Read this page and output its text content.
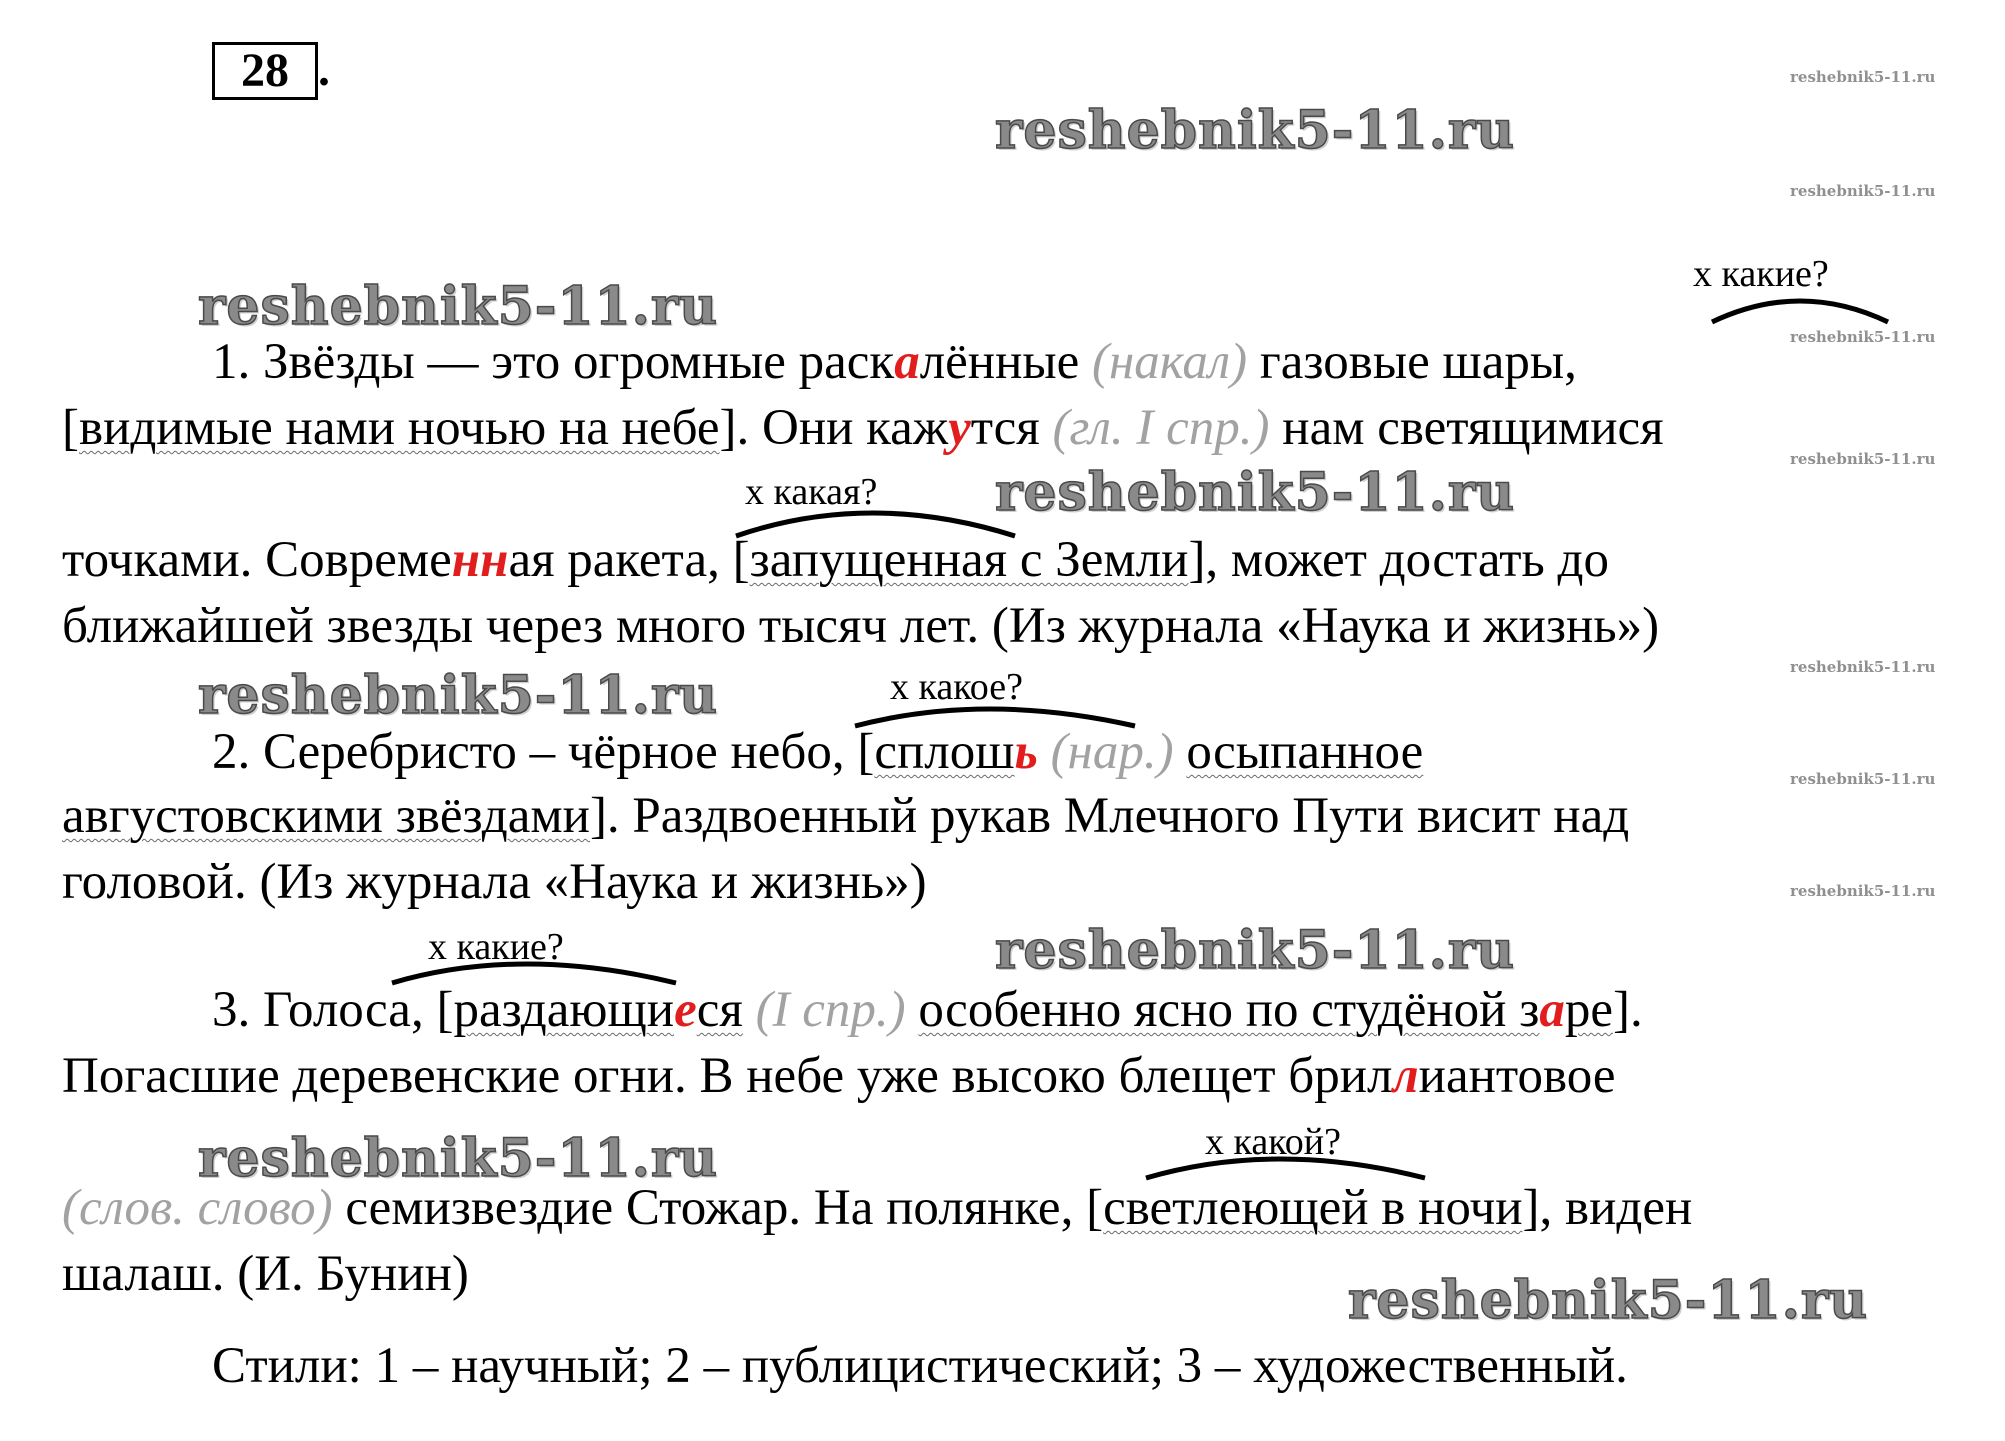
28 .
reshebnik5-11.ru
reshebnik5-11.ru
reshebnik5-11.ru
reshebnik5-11.ru
reshebnik5-11.ru
reshebnik5-11.ru
reshebnik5-11.ru
reshebnik5-11.ru
reshebnik5-11.ru
reshebnik5-11.ru
reshebnik5-11.ru
reshebnik5-11.ru
reshebnik5-11.ru
reshebnik5-11.ru
х какие?
х какая?
х какое?
х какие?
х какой?
1. Звёзды — это огромные раскалённые (накал) газовые шары,
[видимые нами ночью на небе]. Они кажутся (гл. I спр.) нам светящимися
точками. Современная ракета, [запущенная с Земли], может достать до
ближайшей звезды через много тысяч лет. (Из журнала «Наука и жизнь»)
2. Серебристо – чёрное небо, [сплошь (нар.) осыпанное
августовскими звёздами]. Раздвоенный рукав Млечного Пути висит над
головой. (Из журнала «Наука и жизнь»)
3. Голоса, [раздающиеся (I спр.) особенно ясно по студёной заре].
Погасшие деревенские огни. В небе уже высоко блещет бриллиантовое
(слов. слово) семизвездие Стожар. На полянке, [светлеющей в ночи], виден
шалаш. (И. Бунин)
Стили: 1 – научный; 2 – публицистический; 3 – художественный.
